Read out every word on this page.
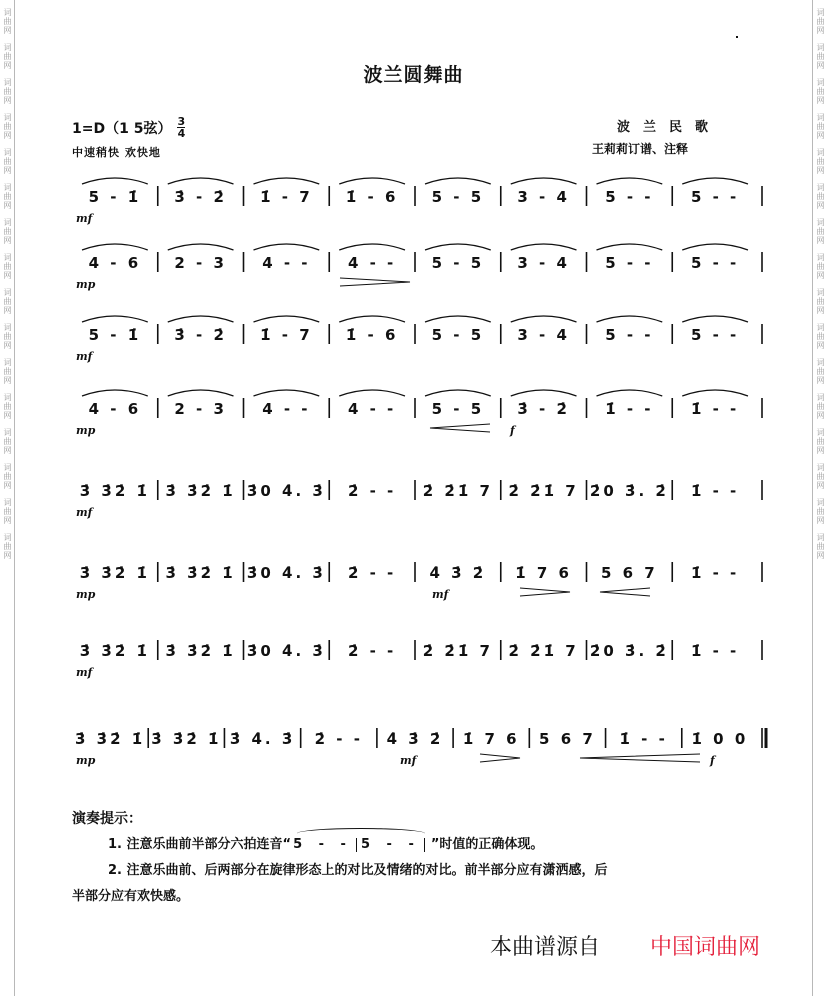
词曲网
词曲网
词曲网
词曲网
词曲网
词曲网
词曲网
词曲网
词曲网
词曲网
词曲网
词曲网
词曲网
词曲网
词曲网
词曲网
词曲网
词曲网
词曲网
词曲网
词曲网
词曲网
词曲网
词曲网
词曲网
词曲网
词曲网
词曲网
词曲网
词曲网
词曲网
词曲网
波兰圆舞曲
1=D（1 5弦） 3
4
中速稍快 欢快地
波兰民歌
王莉莉订谱、注释
5 - 1̇ 3̇ - 2̇ 1̇ - 7 1̇ - 6 5 - 5 3 - 4 5 - - 5 - -
mf
4 - 6 2 - 3 4 - - 4 - - 5 - 5 3 - 4 5 - - 5 - -
mp
5 - 1̇ 3̇ - 2̇ 1̇ - 7 1̇ - 6 5 - 5 3 - 4 5 - - 5 - -
mf
4 - 6 2 - 3 4 - - 4 - - 5 - 5 3̇ - 2̇ 1̇ - - 1̇ - -
mp
3̇ 3̇2̇ 1̇ 3̇ 3̇2̇ 1̇ 3̇0 4̇. 3̇ 2̇ - - 2̇ 2̇1̇ 7 2̇ 2̇1̇ 7 2̇0 3̇. 2̇ 1̇ - -
mf
3̇ 3̇2̇ 1̇ 3̇ 3̇2̇ 1̇ 3̇0 4̇. 3̇ 2̇ - - 4̇ 3̇ 2̇ 1̇ 7 6 5 6 7 1̇ - -
mp
3̇ 3̇2̇ 1̇ 3̇ 3̇2̇ 1̇ 3̇0 4̇. 3̇ 2̇ - - 2̇ 2̇1̇ 7 2̇ 2̇1̇ 7 2̇0 3̇. 2̇ 1̇ - -
mf
3̇ 3̇2̇ 1̇ 3̇ 3̇2̇ 1̇ 3̇ 4̇. 3̇ 2̇ - - 4̇ 3̇ 2̇ 1̇ 7 6 5 6 7 1̇ - - 1̇ 0 0
mp
f
mf
mf	f

演奏提示：

1. 注意乐曲前半部分六拍连音“ 5 - - 5 - - ”时值的正确体现。

2. 注意乐曲前、后两部分在旋律形态上的对比及情绪的对比。前半部分应有潇洒感，后

半部分应有欢快感。

本曲谱源自 中国词曲网
